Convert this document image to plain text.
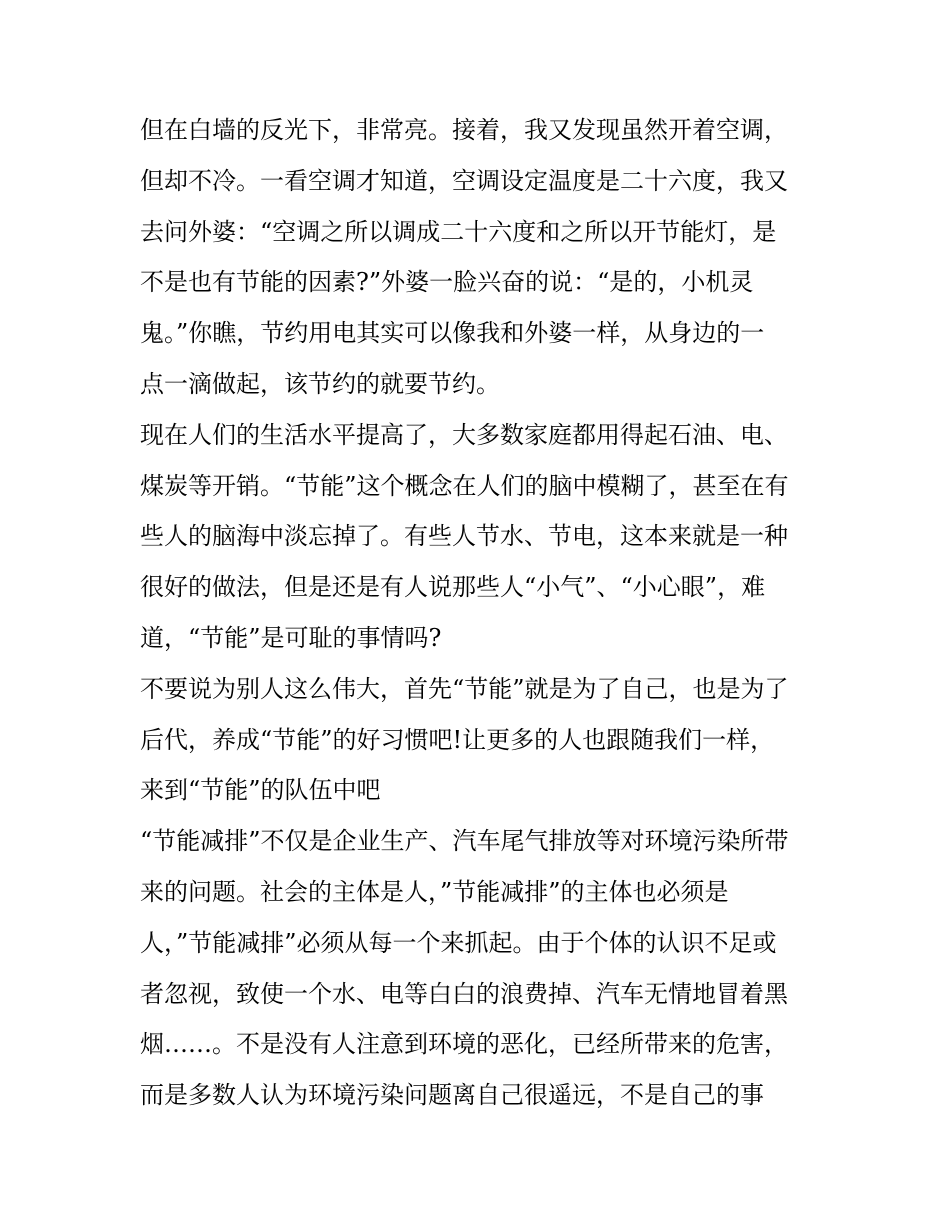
但在白墙的反光下，非常亮。接着，我又发现虽然开着空调，
但却不冷。一看空调才知道，空调设定温度是二十六度，我又
去问外婆：“空调之所以调成二十六度和之所以开节能灯，是
不是也有节能的因素?”外婆一脸兴奋的说：“是的，小机灵
鬼。”你瞧，节约用电其实可以像我和外婆一样，从身边的一
点一滴做起，该节约的就要节约。
现在人们的生活水平提高了，大多数家庭都用得起石油、电、
煤炭等开销。“节能”这个概念在人们的脑中模糊了，甚至在有
些人的脑海中淡忘掉了。有些人节水、节电，这本来就是一种
很好的做法，但是还是有人说那些人“小气”、“小心眼”，难
道，“节能”是可耻的事情吗?
不要说为别人这么伟大，首先“节能”就是为了自己，也是为了
后代，养成“节能”的好习惯吧!让更多的人也跟随我们一样，
来到“节能”的队伍中吧
“节能减排”不仅是企业生产、汽车尾气排放等对环境污染所带
来的问题。社会的主体是人，”节能减排”的主体也必须是
人，”节能减排”必须从每一个来抓起。由于个体的认识不足或
者忽视，致使一个水、电等白白的浪费掉、汽车无情地冒着黑
烟……。不是没有人注意到环境的恶化，已经所带来的危害，
而是多数人认为环境污染问题离自己很遥远，不是自己的事
